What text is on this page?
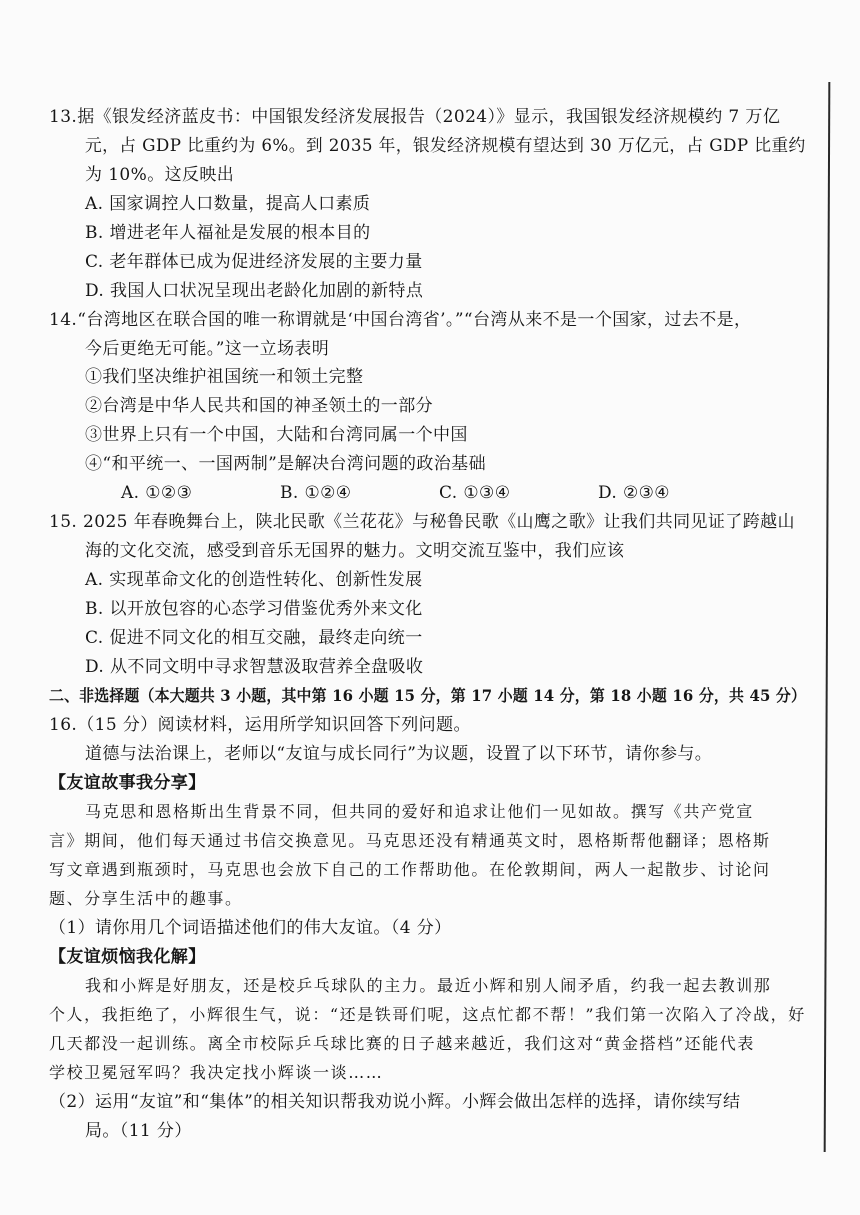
13.据《银发经济蓝皮书：中国银发经济发展报告（2024）》显示，我国银发经济规模约 7 万亿
元，占 GDP 比重约为 6%。到 2035 年，银发经济规模有望达到 30 万亿元，占 GDP 比重约
为 10%。这反映出
A. 国家调控人口数量，提高人口素质
B. 增进老年人福祉是发展的根本目的
C. 老年群体已成为促进经济发展的主要力量
D. 我国人口状况呈现出老龄化加剧的新特点
14.“台湾地区在联合国的唯一称谓就是‘中国台湾省’。”“台湾从来不是一个国家，过去不是，
今后更绝无可能。”这一立场表明
①我们坚决维护祖国统一和领土完整
②台湾是中华人民共和国的神圣领土的一部分
③世界上只有一个中国，大陆和台湾同属一个中国
④“和平统一、一国两制”是解决台湾问题的政治基础
A. ①②③	B. ①②④	C. ①③④	D. ②③④
15. 2025 年春晚舞台上，陕北民歌《兰花花》与秘鲁民歌《山鹰之歌》让我们共同见证了跨越山
海的文化交流，感受到音乐无国界的魅力。文明交流互鉴中，我们应该
A. 实现革命文化的创造性转化、创新性发展
B. 以开放包容的心态学习借鉴优秀外来文化
C. 促进不同文化的相互交融，最终走向统一
D. 从不同文明中寻求智慧汲取营养全盘吸收
二、非选择题（本大题共 3 小题，其中第 16 小题 15 分，第 17 小题 14 分，第 18 小题 16 分，共 45 分）
16.（15 分）阅读材料，运用所学知识回答下列问题。
道德与法治课上，老师以“友谊与成长同行”为议题，设置了以下环节，请你参与。
【友谊故事我分享】
马克思和恩格斯出生背景不同，但共同的爱好和追求让他们一见如故。撰写《共产党宣
言》期间，他们每天通过书信交换意见。马克思还没有精通英文时，恩格斯帮他翻译；恩格斯
写文章遇到瓶颈时，马克思也会放下自己的工作帮助他。在伦敦期间，两人一起散步、讨论问
题、分享生活中的趣事。
（1）请你用几个词语描述他们的伟大友谊。（4 分）
【友谊烦恼我化解】
我和小辉是好朋友，还是校乒乓球队的主力。最近小辉和别人闹矛盾，约我一起去教训那
个人，我拒绝了，小辉很生气，说：“还是铁哥们呢，这点忙都不帮！”我们第一次陷入了冷战，好
几天都没一起训练。离全市校际乒乓球比赛的日子越来越近，我们这对“黄金搭档”还能代表
学校卫冕冠军吗？我决定找小辉谈一谈……
（2）运用“友谊”和“集体”的相关知识帮我劝说小辉。小辉会做出怎样的选择，请你续写结
局。（11 分）
